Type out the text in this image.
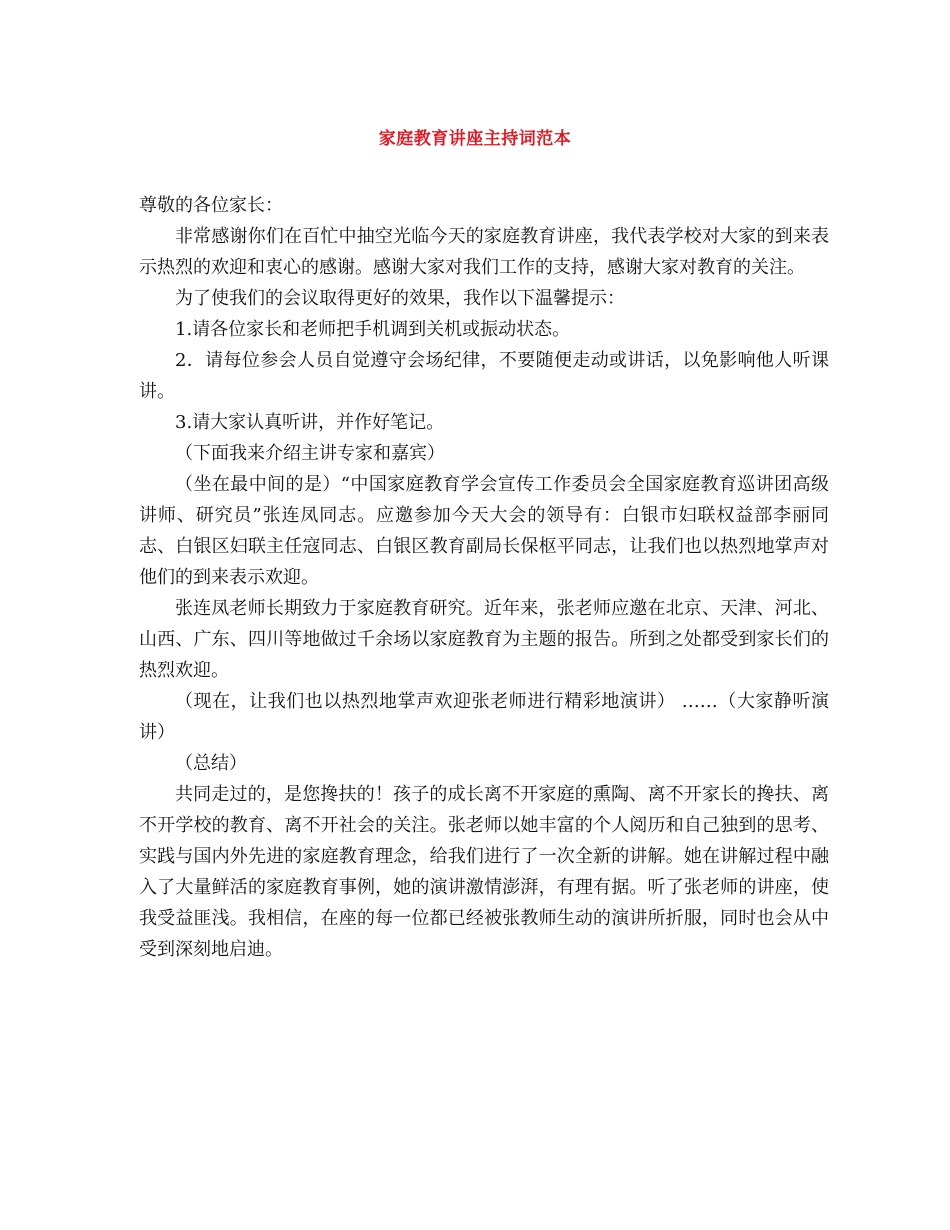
家庭教育讲座主持词范本

尊敬的各位家长：

非常感谢你们在百忙中抽空光临今天的家庭教育讲座，我代表学校对大家的到来表示热烈的欢迎和衷心的感谢。感谢大家对我们工作的支持，感谢大家对教育的关注。

为了使我们的会议取得更好的效果，我作以下温馨提示：

1.请各位家长和老师把手机调到关机或振动状态。

2．请每位参会人员自觉遵守会场纪律，不要随便走动或讲话，以免影响他人听课讲。

3.请大家认真听讲，并作好笔记。

（下面我来介绍主讲专家和嘉宾）

（坐在最中间的是）“中国家庭教育学会宣传工作委员会全国家庭教育巡讲团高级讲师、研究员”张连凤同志。应邀参加今天大会的领导有：白银市妇联权益部李丽同志、白银区妇联主任寇同志、白银区教育副局长保枢平同志，让我们也以热烈地掌声对他们的到来表示欢迎。

张连凤老师长期致力于家庭教育研究。近年来，张老师应邀在北京、天津、河北、山西、广东、四川等地做过千余场以家庭教育为主题的报告。所到之处都受到家长们的热烈欢迎。

（现在，让我们也以热烈地掌声欢迎张老师进行精彩地演讲） ……（大家静听演讲）

（总结）

共同走过的，是您搀扶的！孩子的成长离不开家庭的熏陶、离不开家长的搀扶、离不开学校的教育、离不开社会的关注。张老师以她丰富的个人阅历和自己独到的思考、实践与国内外先进的家庭教育理念，给我们进行了一次全新的讲解。她在讲解过程中融入了大量鲜活的家庭教育事例，她的演讲激情澎湃，有理有据。听了张老师的讲座，使我受益匪浅。我相信，在座的每一位都已经被张教师生动的演讲所折服，同时也会从中受到深刻地启迪。
